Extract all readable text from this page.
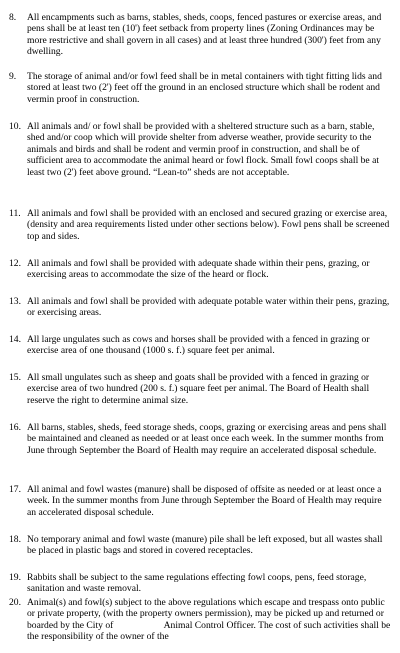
8. All encampments such as barns, stables, sheds, coops, fenced pastures or exercise areas, and pens shall be at least ten (10') feet setback from property lines (Zoning Ordinances may be more restrictive and shall govern in all cases) and at least three hundred (300') feet from any dwelling.
9. The storage of animal and/or fowl feed shall be in metal containers with tight fitting lids and stored at least two (2') feet off the ground in an enclosed structure which shall be rodent and vermin proof in construction.
10. All animals and/ or fowl shall be provided with a sheltered structure such as a barn, stable, shed and/or coop which will provide shelter from adverse weather, provide security to the animals and birds and shall be rodent and vermin proof in construction, and shall be of sufficient area to accommodate the animal heard or fowl flock. Small fowl coops shall be at least two (2') feet above ground. “Lean-to” sheds are not acceptable.
11. All animals and fowl shall be provided with an enclosed and secured grazing or exercise area, (density and area requirements listed under other sections below). Fowl pens shall be screened top and sides.
12. All animals and fowl shall be provided with adequate shade within their pens, grazing, or exercising areas to accommodate the size of the heard or flock.
13. All animals and fowl shall be provided with adequate potable water within their pens, grazing, or exercising areas.
14. All large ungulates such as cows and horses shall be provided with a fenced in grazing or exercise area of one thousand (1000 s. f.) square feet per animal.
15. All small ungulates such as sheep and goats shall be provided with a fenced in grazing or exercise area of two hundred (200 s. f.) square feet per animal. The Board of Health shall reserve the right to determine animal size.
16. All barns, stables, sheds, feed storage sheds, coops, grazing or exercising areas and pens shall be maintained and cleaned as needed or at least once each week. In the summer months from June through September the Board of Health may require an accelerated disposal schedule.
17. All animal and fowl wastes (manure) shall be disposed of offsite as needed or at least once a week. In the summer months from June through September the Board of Health may require an accelerated disposal schedule.
18. No temporary animal and fowl waste (manure) pile shall be left exposed, but all wastes shall be placed in plastic bags and stored in covered receptacles.
19. Rabbits shall be subject to the same regulations effecting fowl coops, pens, feed storage, sanitation and waste removal.
20. Animal(s) and fowl(s) subject to the above regulations which escape and trespass onto public or private property, (with the property owners permission), may be picked up and returned or boarded by the City of	Animal Control Officer. The cost of such activities shall be the responsibility of the owner of the
